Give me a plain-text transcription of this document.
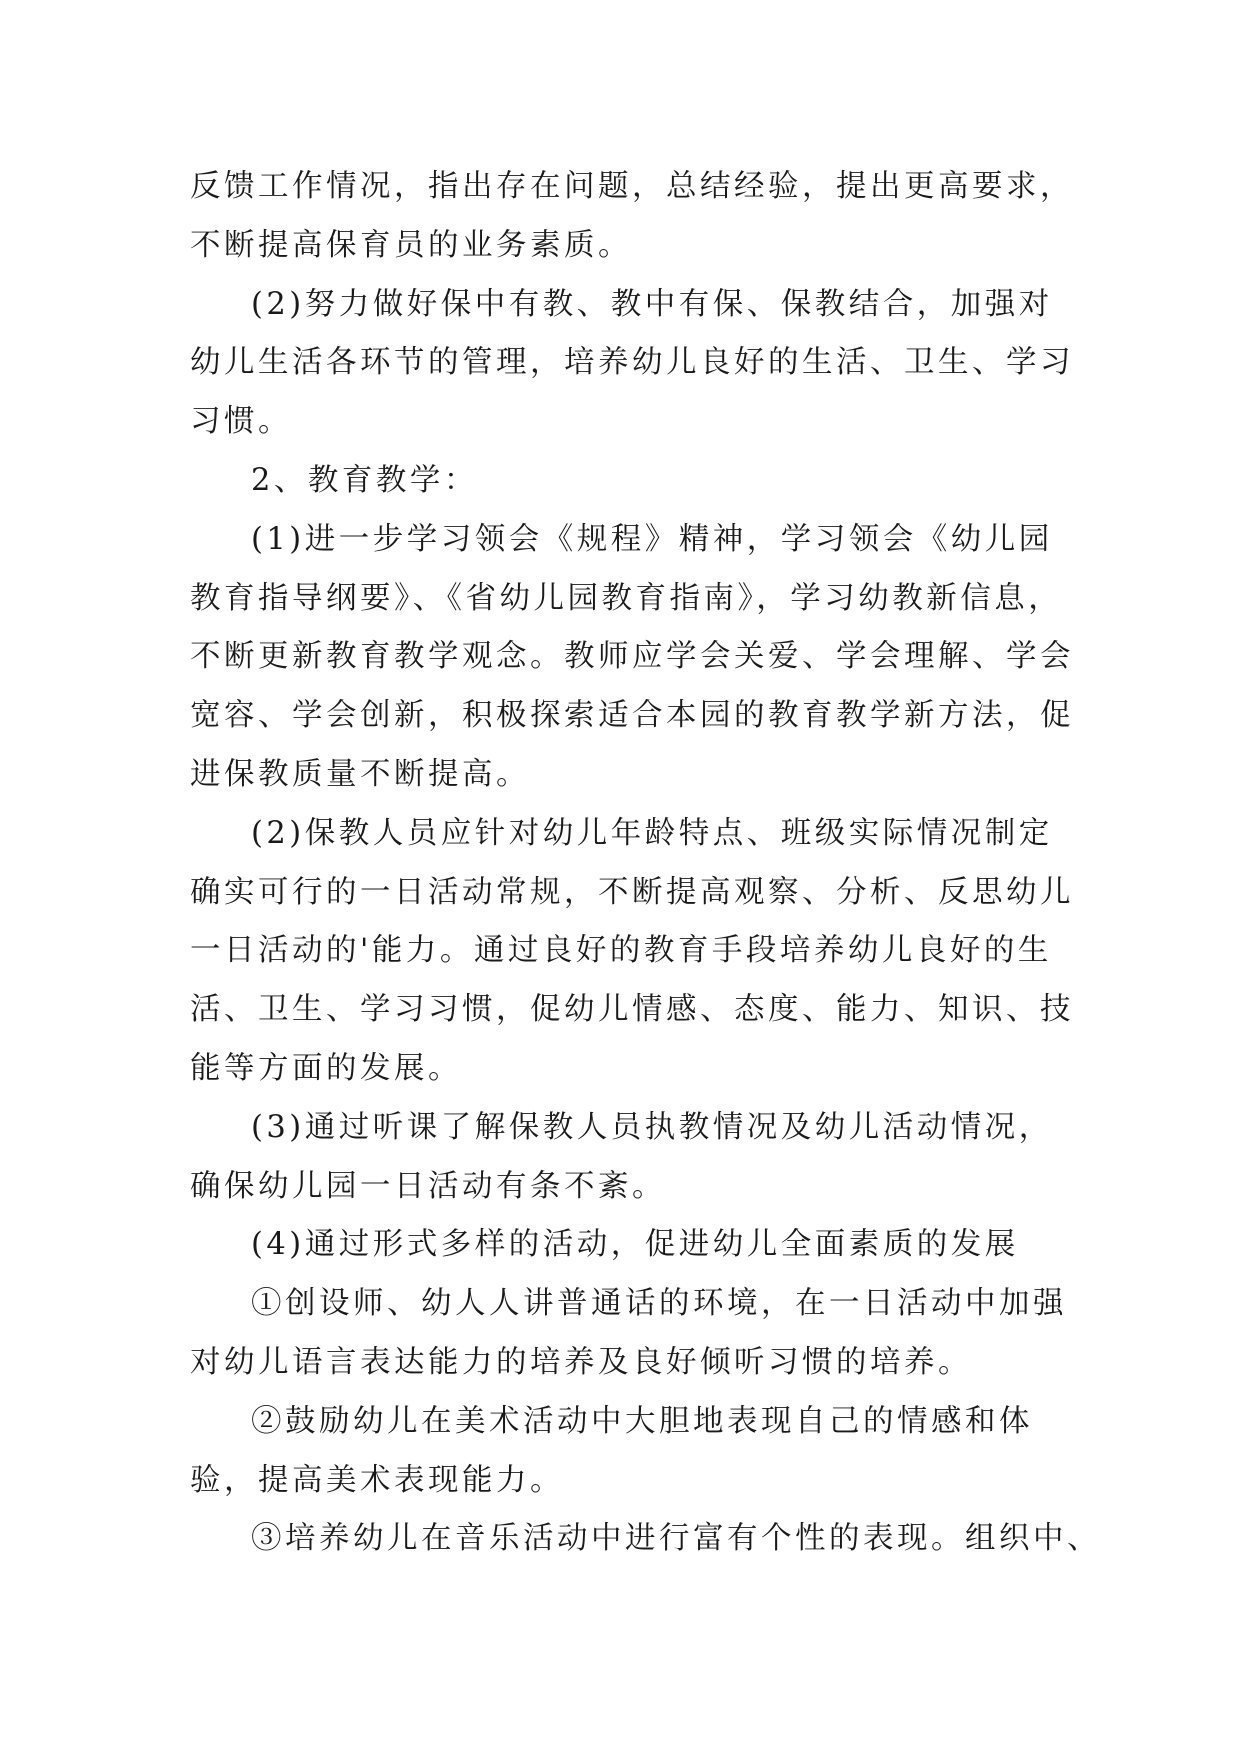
反馈工作情况，指出存在问题，总结经验，提出更高要求，
不断提高保育员的业务素质。
(2)努力做好保中有教、教中有保、保教结合，加强对
幼儿生活各环节的管理，培养幼儿良好的生活、卫生、学习
习惯。
2、教育教学：
(1)进一步学习领会《规程》精神，学习领会《幼儿园
教育指导纲要》、《省幼儿园教育指南》，学习幼教新信息，
不断更新教育教学观念。教师应学会关爱、学会理解、学会
宽容、学会创新，积极探索适合本园的教育教学新方法，促
进保教质量不断提高。
(2)保教人员应针对幼儿年龄特点、班级实际情况制定
确实可行的一日活动常规，不断提高观察、分析、反思幼儿
一日活动的'能力。通过良好的教育手段培养幼儿良好的生
活、卫生、学习习惯，促幼儿情感、态度、能力、知识、技
能等方面的发展。
(3)通过听课了解保教人员执教情况及幼儿活动情况，
确保幼儿园一日活动有条不紊。
(4)通过形式多样的活动，促进幼儿全面素质的发展
①创设师、幼人人讲普通话的环境，在一日活动中加强
对幼儿语言表达能力的培养及良好倾听习惯的培养。
②鼓励幼儿在美术活动中大胆地表现自己的情感和体
验，提高美术表现能力。
③培养幼儿在音乐活动中进行富有个性的表现。组织中、
